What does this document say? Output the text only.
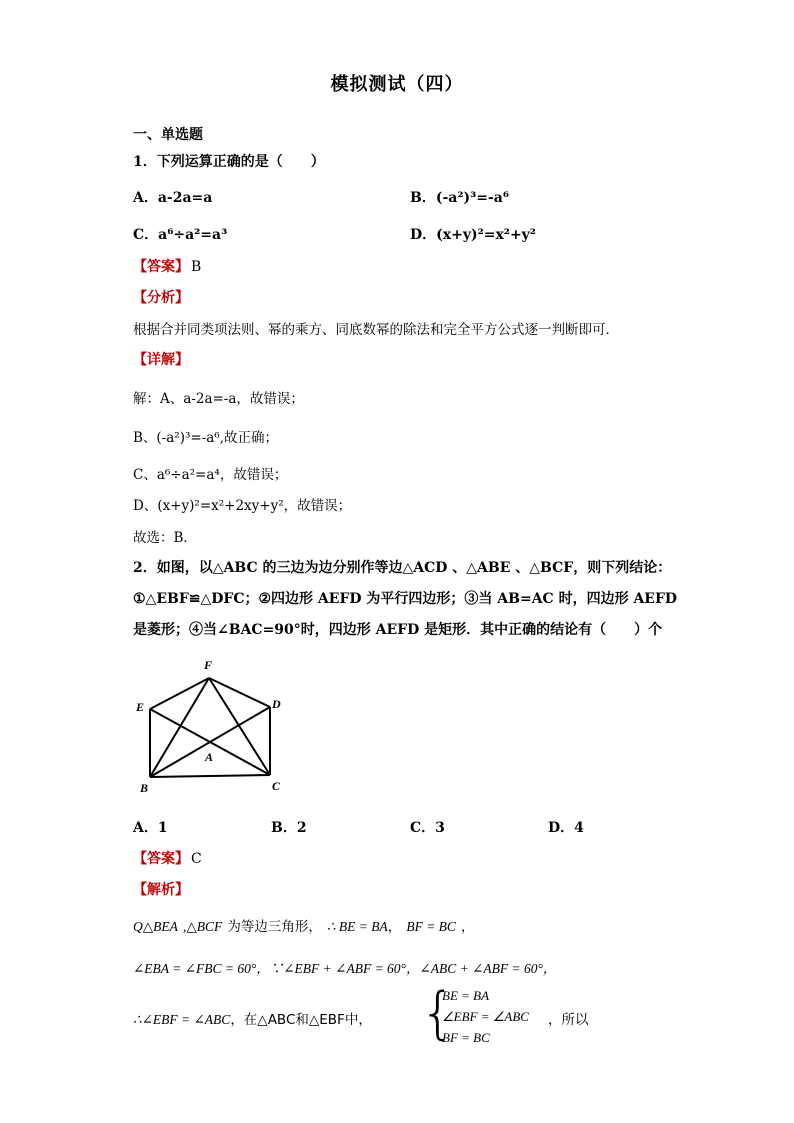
模拟测试（四）
一、单选题
1．下列运算正确的是（　　）
A．a-2a=a	B．(-a²)³=-a⁶
C．a⁶÷a²=a³	D．(x+y)²=x²+y²
【答案】 B
【分析】
根据合并同类项法则、幂的乘方、同底数幂的除法和完全平方公式逐一判断即可．
【详解】
解：A、a-2a=-a，故错误；
B、(-a²)³=-a⁶,故正确；
C、a⁶÷a²=a⁴，故错误；
D、(x+y)²=x²+2xy+y²，故错误；
故选：B．
2．如图，以△ABC 的三边为边分别作等边△ACD 、△ABE 、△BCF，则下列结论：
①△EBF≌△DFC；②四边形 AEFD 为平行四边形；③当 AB=AC 时，四边形 AEFD
是菱形；④当∠BAC=90°时，四边形 AEFD 是矩形．其中正确的结论有（　　）个
F
E	D
A
B	C
A．1	B．2	C．3	D．4
【答案】 C
【解析】
Q△BEA ,△BCF 为等边三角形， ∴ BE = BA， BF = BC ，
∠EBA = ∠FBC = 60°，∵∠EBF + ∠ABF = 60°，∠ABC + ∠ABF = 60°，
∴∠EBF = ∠ABC，在△ABC和△EBF中， {
BE = BA
∠EBF = ∠ABC
BF = BC
，所以
